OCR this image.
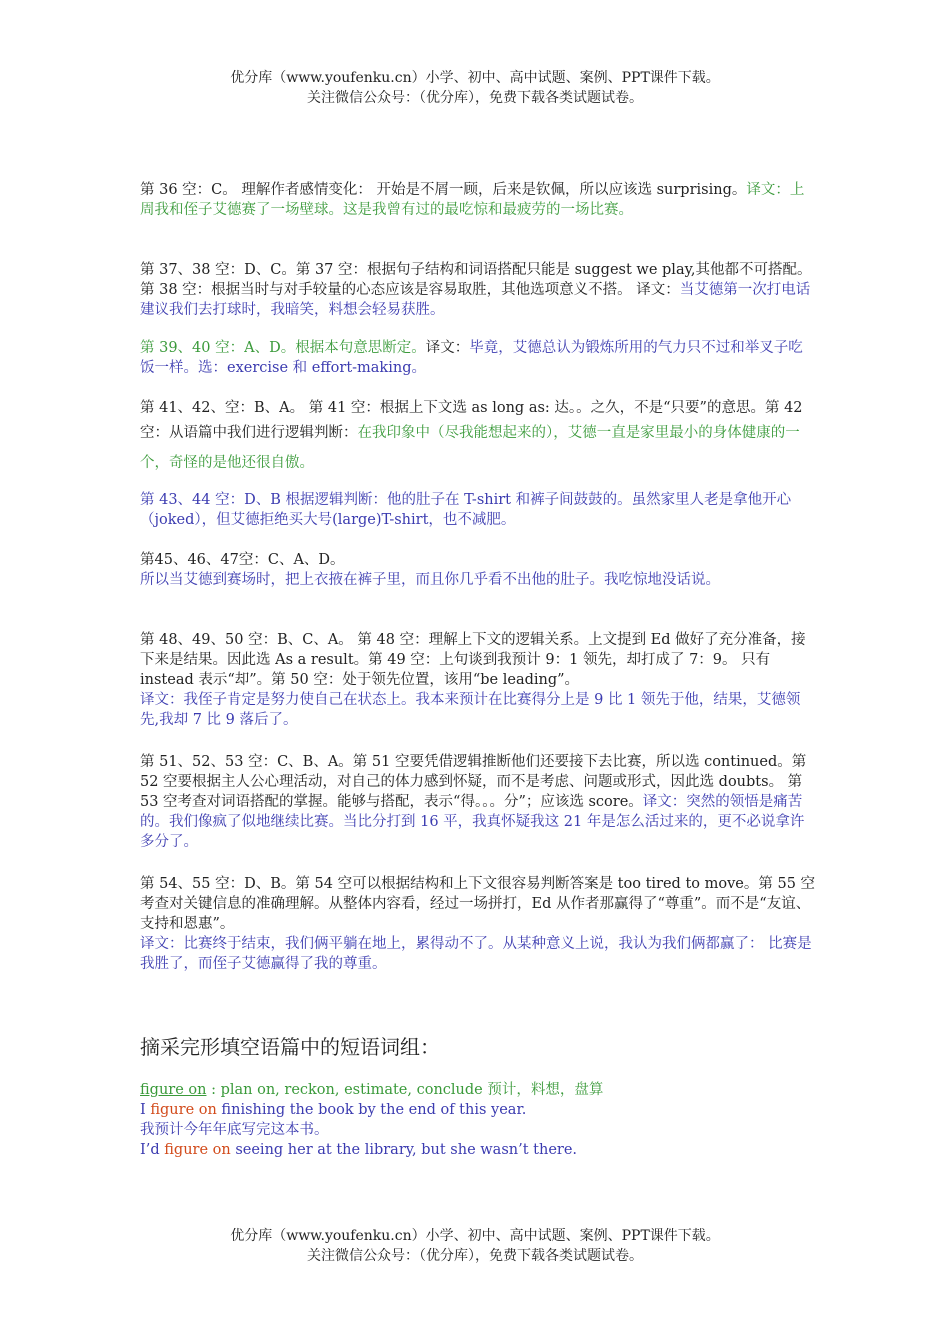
优分库（www.youfenku.cn）小学、初中、高中试题、案例、PPT课件下载。
关注微信公众号：（优分库），免费下载各类试题试卷。
第 36 空：C。 理解作者感情变化： 开始是不屑一顾，后来是钦佩，所以应该选 surprising。译文：上周我和侄子艾德赛了一场壁球。这是我曾有过的最吃惊和最疲劳的一场比赛。
第 37、38 空：D、C。第 37 空：根据句子结构和词语搭配只能是 suggest we play,其他都不可搭配。第 38 空：根据当时与对手较量的心态应该是容易取胜，其他选项意义不搭。 译文：当艾德第一次打电话建议我们去打球时，我暗笑，料想会轻易获胜。
第 39、40 空：A、D。根据本句意思断定。译文：毕竟，艾德总认为锻炼所用的气力只不过和举叉子吃饭一样。选：exercise 和 effort-making。
第 41、42、空：B、A。 第 41 空：根据上下文选 as long as: 达。。之久，不是“只要”的意思。第 42 空：从语篇中我们进行逻辑判断：在我印象中（尽我能想起来的），艾德一直是家里最小的身体健康的一个，奇怪的是他还很自傲。
第 43、44 空：D、B 根据逻辑判断：他的肚子在 T-shirt 和裤子间鼓鼓的。虽然家里人老是拿他开心（joked），但艾德拒绝买大号(large)T-shirt，也不减肥。
第45、46、47空：C、A、D。
所以当艾德到赛场时，把上衣掖在裤子里，而且你几乎看不出他的肚子。我吃惊地没话说。
第 48、49、50 空：B、C、A。 第 48 空：理解上下文的逻辑关系。上文提到 Ed 做好了充分准备，接下来是结果。因此选 As a result。第 49 空：上句谈到我预计 9：1 领先，却打成了 7：9。 只有 instead 表示“却”。第 50 空：处于领先位置，该用“be leading”。
译文：我侄子肯定是努力使自己在状态上。我本来预计在比赛得分上是 9 比 1 领先于他，结果，艾德领先,我却 7 比 9 落后了。
第 51、52、53 空：C、B、A。第 51 空要凭借逻辑推断他们还要接下去比赛，所以选 continued。第 52 空要根据主人公心理活动，对自己的体力感到怀疑，而不是考虑、问题或形式，因此选 doubts。 第 53 空考查对词语搭配的掌握。能够与搭配，表示“得。。。分”；应该选 score。译文：突然的领悟是痛苦的。我们像疯了似地继续比赛。当比分打到 16 平，我真怀疑我这 21 年是怎么活过来的，更不必说拿许多分了。
第 54、55 空：D、B。第 54 空可以根据结构和上下文很容易判断答案是 too tired to move。第 55 空考查对关键信息的准确理解。从整体内容看，经过一场拼打，Ed 从作者那赢得了“尊重”。而不是“友谊、支持和恩惠”。
译文：比赛终于结束，我们俩平躺在地上，累得动不了。从某种意义上说，我认为我们俩都赢了： 比赛是我胜了，而侄子艾德赢得了我的尊重。
摘采完形填空语篇中的短语词组：
figure on : plan on, reckon, estimate, conclude 预计，料想，盘算
I figure on finishing the book by the end of this year.
我预计今年年底写完这本书。
I’d figure on seeing her at the library, but she wasn’t there.
优分库（www.youfenku.cn）小学、初中、高中试题、案例、PPT课件下载。
关注微信公众号：（优分库），免费下载各类试题试卷。
